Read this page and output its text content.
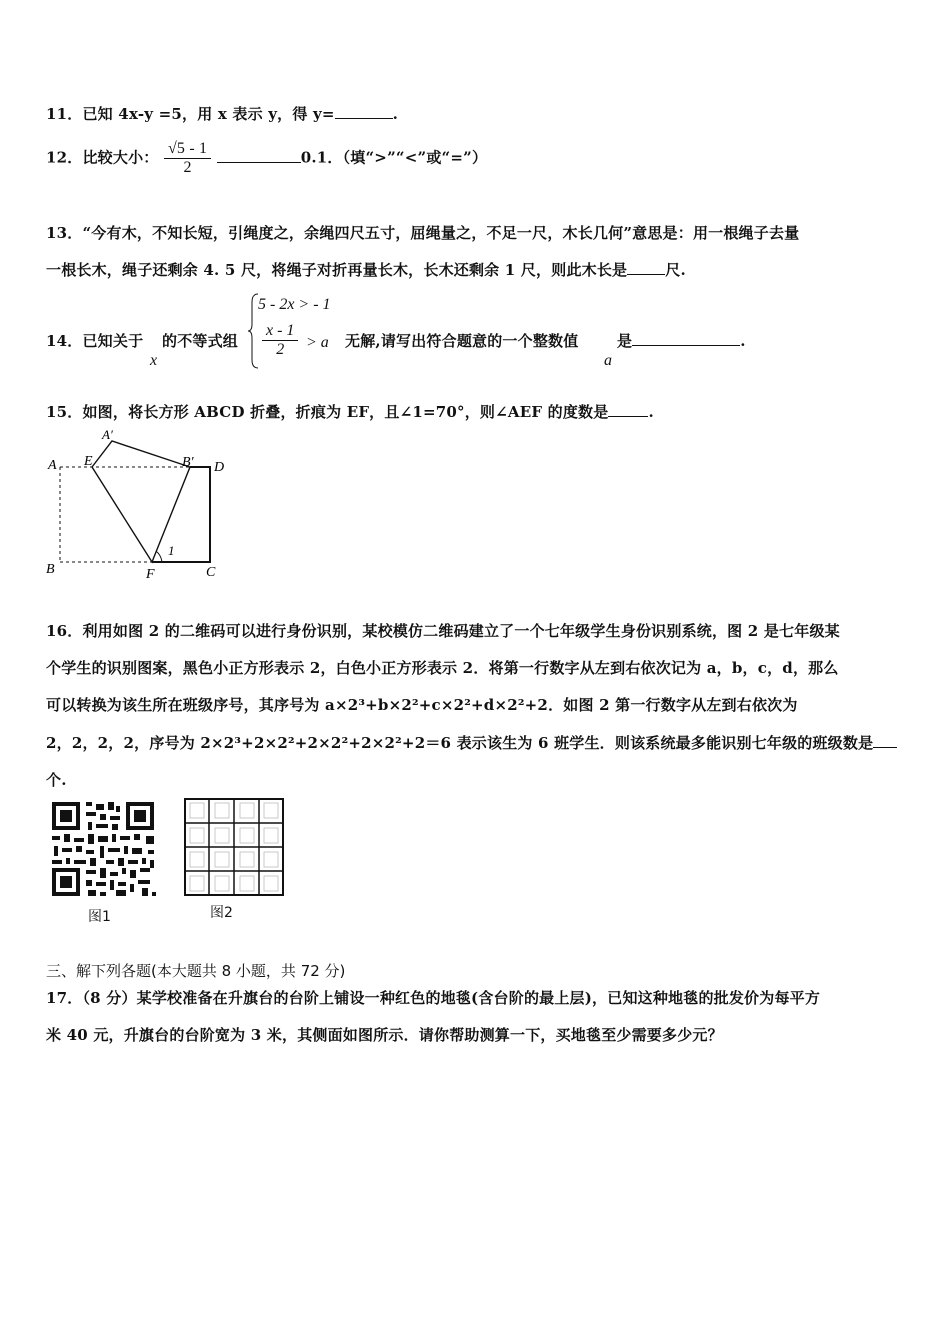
11．已知 4x-y =5，用 x 表示 y，得 y=	.
12．比较大小： $\frac{√5 - 1}{2}$	0.1．（填“>”“<”或“=”）
13．“今有木，不知长短，引绳度之，余绳四尺五寸，屈绳量之，不足一尺，木长几何”意思是：用一根绳子去量
一根长木，绳子还剩余 4. 5 尺，将绳子对折再量长木，长木还剩余 1 尺，则此木长是	尺.
14．已知关于
x
的不等式组
5 - 2x > - 1
$\frac{x - 1}{2} > a$ 无解,请写出符合题意的一个整数值
a
是	.
15．如图，将长方形 ABCD 折叠，折痕为 EF，且∠1=70°，则∠AEF 的度数是	.
A E
A′
B′ D
B	F	C
1
16．利用如图 2 的二维码可以进行身份识别，某校模仿二维码建立了一个七年级学生身份识别系统，图 2 是七年级某
个学生的识别图案，黑色小正方形表示 2，白色小正方形表示 2．将第一行数字从左到右依次记为 a，b，c，d，那么
可以转换为该生所在班级序号，其序号为 a×2³+b×2²+c×2²+d×2²+2．如图 2 第一行数字从左到右依次为
2，2，2，2，序号为 2×2³+2×2²+2×2²+2×2²+2＝6 表示该生为 6 班学生．则该系统最多能识别七年级的班级数是
个.
图1	图2
三、解下列各题(本大题共 8 小题，共 72 分)
17．（8 分）某学校准备在升旗台的台阶上铺设一种红色的地毯(含台阶的最上层)，已知这种地毯的批发价为每平方
米 40 元，升旗台的台阶宽为 3 米，其侧面如图所示．请你帮助测算一下，买地毯至少需要多少元？
